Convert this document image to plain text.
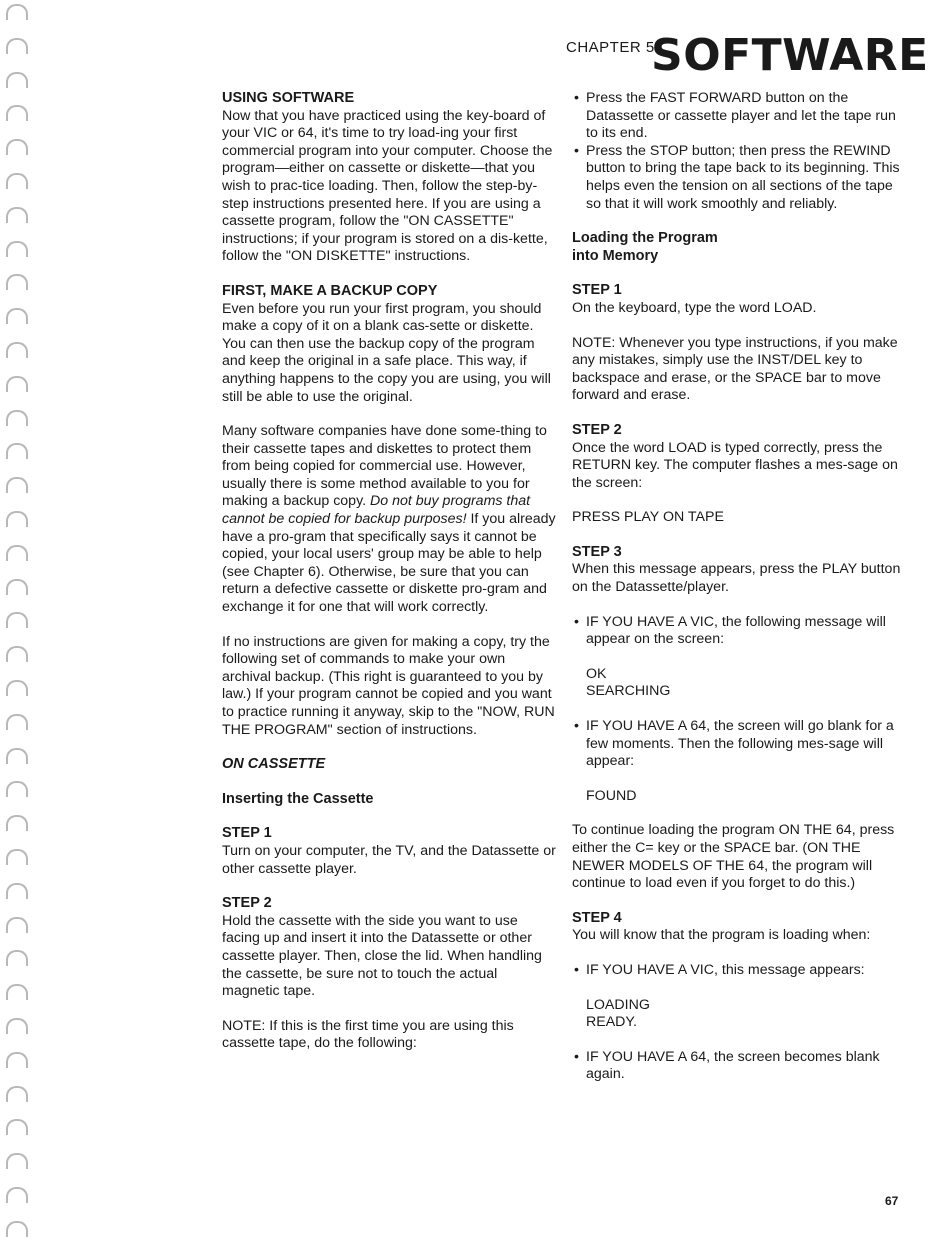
CHAPTER 5
SOFTWARE

USING SOFTWARE

Now that you have practiced using the key-board of your VIC or 64, it's time to try load-ing your first commercial program into your computer. Choose the program—either on cassette or diskette—that you wish to prac-tice loading. Then, follow the step-by-step instructions presented here. If you are using a cassette program, follow the "ON CASSETTE" instructions; if your program is stored on a dis-kette, follow the "ON DISKETTE" instructions.

FIRST, MAKE A BACKUP COPY

Even before you run your first program, you should make a copy of it on a blank cas-sette or diskette. You can then use the backup copy of the program and keep the original in a safe place. This way, if anything happens to the copy you are using, you will still be able to use the original.

Many software companies have done some-thing to their cassette tapes and diskettes to protect them from being copied for commercial use. However, usually there is some method available to you for making a backup copy. Do not buy programs that cannot be copied for backup purposes! If you already have a pro-gram that specifically says it cannot be copied, your local users' group may be able to help (see Chapter 6). Otherwise, be sure that you can return a defective cassette or diskette pro-gram and exchange it for one that will work correctly.

If no instructions are given for making a copy, try the following set of commands to make your own archival backup. (This right is guaranteed to you by law.) If your program cannot be copied and you want to practice running it anyway, skip to the "NOW, RUN THE PROGRAM" section of instructions.

ON CASSETTE

Inserting the Cassette

STEP 1

Turn on your computer, the TV, and the Datassette or other cassette player.

STEP 2

Hold the cassette with the side you want to use facing up and insert it into the Datassette or other cassette player. Then, close the lid. When handling the cassette, be sure not to touch the actual magnetic tape.

NOTE: If this is the first time you are using this cassette tape, do the following:

• Press the FAST FORWARD button on the Datassette or cassette player and let the tape run to its end.

• Press the STOP button; then press the REWIND button to bring the tape back to its beginning. This helps even the tension on all sections of the tape so that it will work smoothly and reliably.

Loading the Program

into Memory

STEP 1

On the keyboard, type the word LOAD.

NOTE: Whenever you type instructions, if you make any mistakes, simply use the INST/DEL key to backspace and erase, or the SPACE bar to move forward and erase.

STEP 2

Once the word LOAD is typed correctly, press the RETURN key. The computer flashes a mes-sage on the screen:

PRESS PLAY ON TAPE

STEP 3

When this message appears, press the PLAY button on the Datassette/player.

• IF YOU HAVE A VIC, the following message will appear on the screen:

OK

SEARCHING

• IF YOU HAVE A 64, the screen will go blank for a few moments. Then the following mes-sage will appear:

FOUND

To continue loading the program ON THE 64, press either the C= key or the SPACE bar. (ON THE NEWER MODELS OF THE 64, the program will continue to load even if you forget to do this.)

STEP 4

You will know that the program is loading when:

• IF YOU HAVE A VIC, this message appears:

LOADING

READY.

• IF YOU HAVE A 64, the screen becomes blank again.

67
